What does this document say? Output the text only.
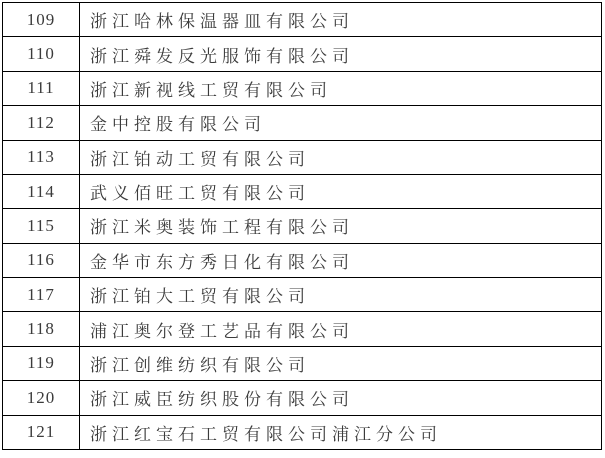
109	浙江哈林保温器皿有限公司
110	浙江舜发反光服饰有限公司
111	浙江新视线工贸有限公司
112	金中控股有限公司
113	浙江铂动工贸有限公司
114	武义佰旺工贸有限公司
115	浙江米奥装饰工程有限公司
116	金华市东方秀日化有限公司
117	浙江铂大工贸有限公司
118	浦江奥尔登工艺品有限公司
119	浙江创维纺织有限公司
120	浙江威臣纺织股份有限公司
121	浙江红宝石工贸有限公司浦江分公司
